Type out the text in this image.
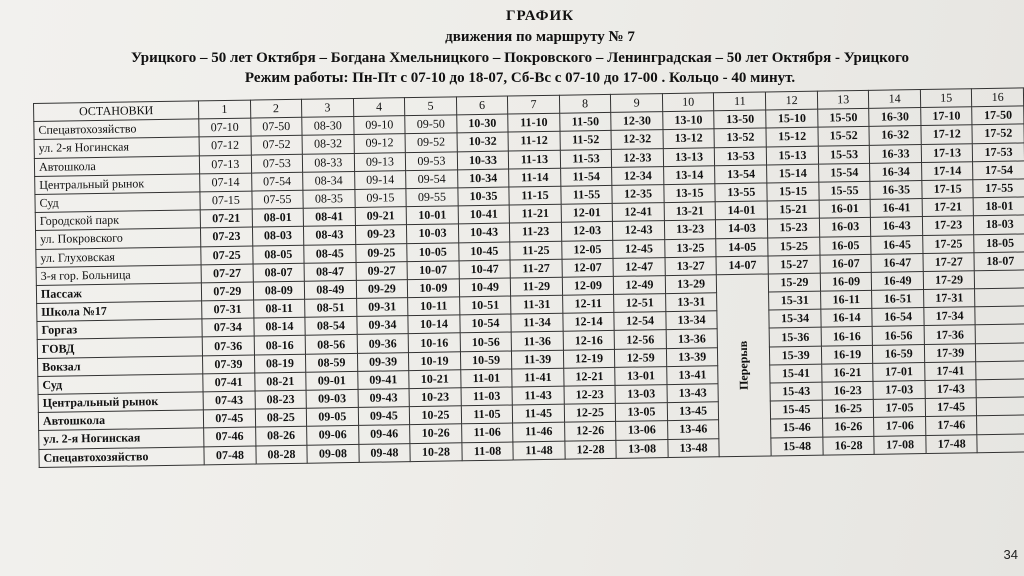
ГРАФИК
движения по маршруту № 7
Урицкого – 50 лет Октября – Богдана Хмельницкого – Покровского – Ленинградская – 50 лет Октября - Урицкого
Режим работы: Пн-Пт с 07-10 до 18-07, Сб-Вс с 07-10 до 17-00 . Кольцо - 40 минут.
ОСТАНОВКИ	1	2	3	4	5	6	7	8	9	10	11	12	13	14	15	16
Спецавтохозяйство	07-10	07-50	08-30	09-10	09-50	10-30	11-10	11-50	12-30	13-10	13-50	15-10	15-50	16-30	17-10	17-50
ул. 2-я Ногинская	07-12	07-52	08-32	09-12	09-52	10-32	11-12	11-52	12-32	13-12	13-52	15-12	15-52	16-32	17-12	17-52
Автошкола	07-13	07-53	08-33	09-13	09-53	10-33	11-13	11-53	12-33	13-13	13-53	15-13	15-53	16-33	17-13	17-53
Центральный рынок	07-14	07-54	08-34	09-14	09-54	10-34	11-14	11-54	12-34	13-14	13-54	15-14	15-54	16-34	17-14	17-54
Суд	07-15	07-55	08-35	09-15	09-55	10-35	11-15	11-55	12-35	13-15	13-55	15-15	15-55	16-35	17-15	17-55
Городской парк	07-21	08-01	08-41	09-21	10-01	10-41	11-21	12-01	12-41	13-21	14-01	15-21	16-01	16-41	17-21	18-01
ул. Покровского	07-23	08-03	08-43	09-23	10-03	10-43	11-23	12-03	12-43	13-23	14-03	15-23	16-03	16-43	17-23	18-03
ул. Глуховская	07-25	08-05	08-45	09-25	10-05	10-45	11-25	12-05	12-45	13-25	14-05	15-25	16-05	16-45	17-25	18-05
3-я гор. Больница	07-27	08-07	08-47	09-27	10-07	10-47	11-27	12-07	12-47	13-27	14-07	15-27	16-07	16-47	17-27	18-07
Пассаж	07-29	08-09	08-49	09-29	10-09	10-49	11-29	12-09	12-49	13-29	Перерыв	15-29	16-09	16-49	17-29	
Школа №17	07-31	08-11	08-51	09-31	10-11	10-51	11-31	12-11	12-51	13-31		15-31	16-11	16-51	17-31	
Горгаз	07-34	08-14	08-54	09-34	10-14	10-54	11-34	12-14	12-54	13-34		15-34	16-14	16-54	17-34	
ГОВД	07-36	08-16	08-56	09-36	10-16	10-56	11-36	12-16	12-56	13-36		15-36	16-16	16-56	17-36	
Вокзал	07-39	08-19	08-59	09-39	10-19	10-59	11-39	12-19	12-59	13-39		15-39	16-19	16-59	17-39	
Суд	07-41	08-21	09-01	09-41	10-21	11-01	11-41	12-21	13-01	13-41		15-41	16-21	17-01	17-41	
Центральный рынок	07-43	08-23	09-03	09-43	10-23	11-03	11-43	12-23	13-03	13-43		15-43	16-23	17-03	17-43	
Автошкола	07-45	08-25	09-05	09-45	10-25	11-05	11-45	12-25	13-05	13-45		15-45	16-25	17-05	17-45	
ул. 2-я Ногинская	07-46	08-26	09-06	09-46	10-26	11-06	11-46	12-26	13-06	13-46		15-46	16-26	17-06	17-46	
Спецавтохозяйство	07-48	08-28	09-08	09-48	10-28	11-08	11-48	12-28	13-08	13-48		15-48	16-28	17-08	17-48	
34
